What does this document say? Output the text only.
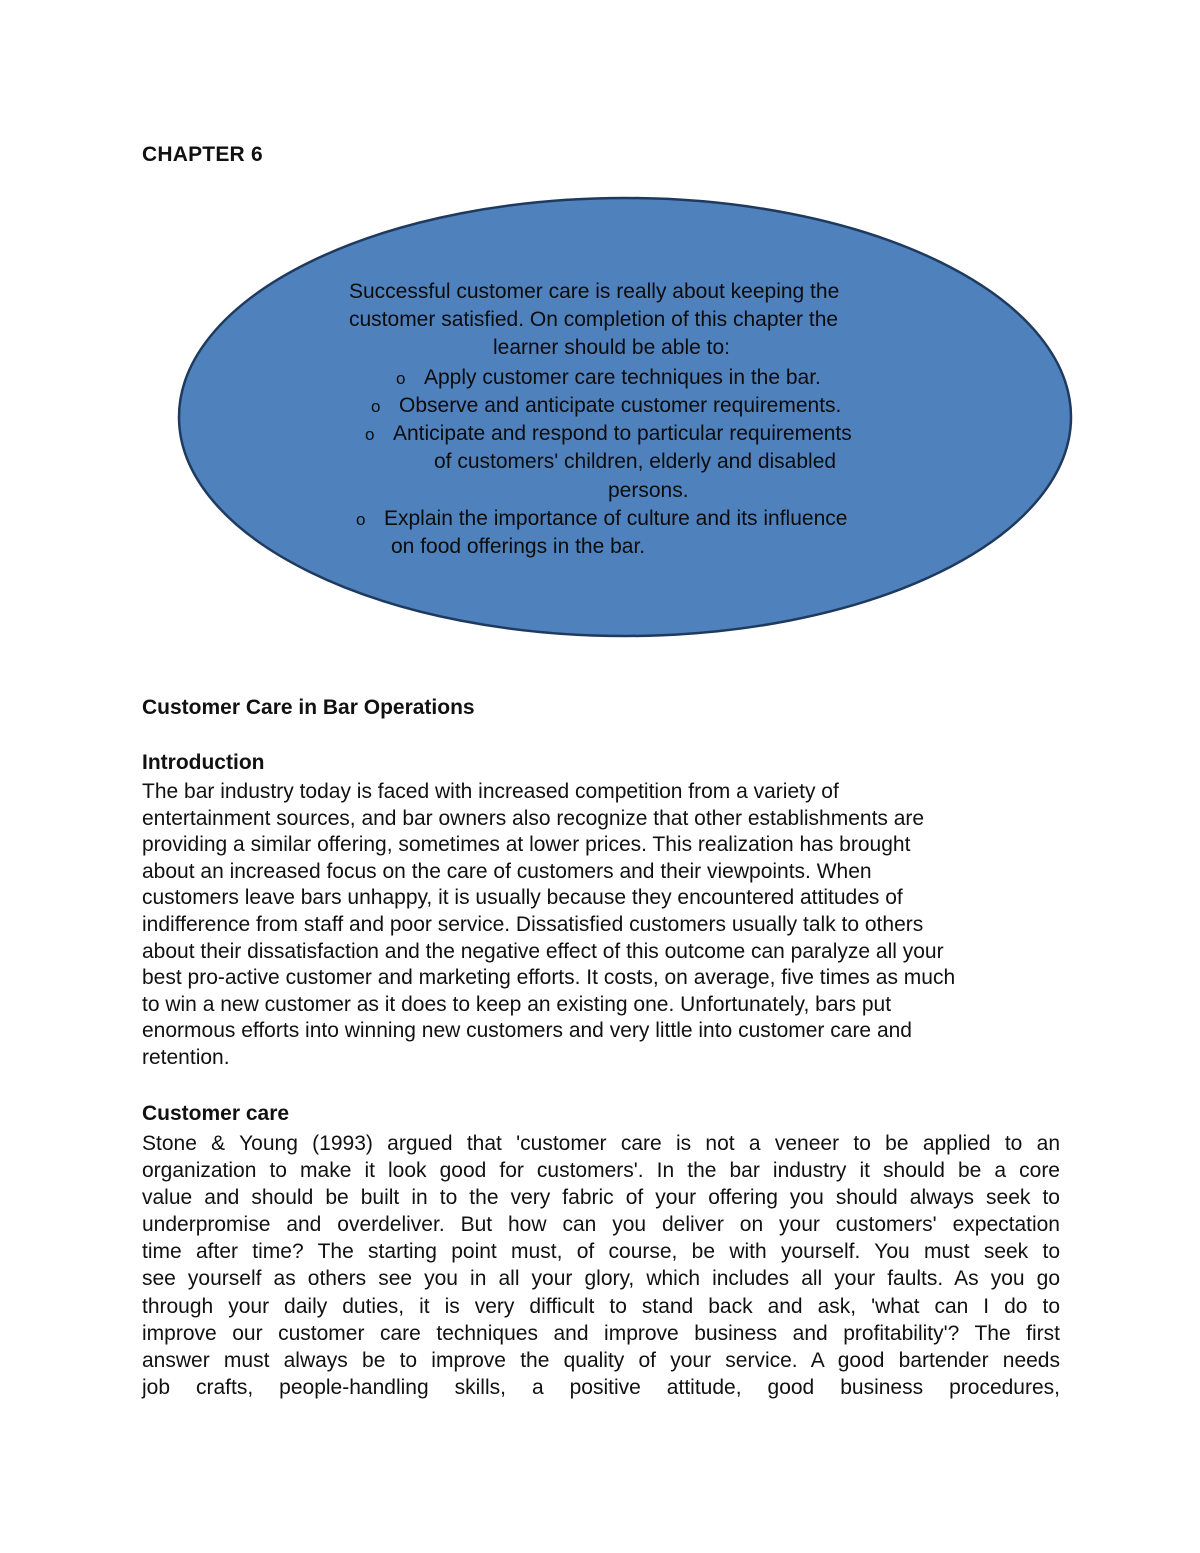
CHAPTER 6
Successful customer care is really about keeping the
customer satisfied. On completion of this chapter the
learner should be able to:
o Apply customer care techniques in the bar.
o Observe and anticipate customer requirements.
o Anticipate and respond to particular requirements
of customers' children, elderly and disabled
persons.
o Explain the importance of culture and its influence
on food offerings in the bar.
Customer Care in Bar Operations
Introduction
The bar industry today is faced with increased competition from a variety of
entertainment sources, and bar owners also recognize that other establishments are
providing a similar offering, sometimes at lower prices. This realization has brought
about an increased focus on the care of customers and their viewpoints. When
customers leave bars unhappy, it is usually because they encountered attitudes of
indifference from staff and poor service. Dissatisfied customers usually talk to others
about their dissatisfaction and the negative effect of this outcome can paralyze all your
best pro-active customer and marketing efforts. It costs, on average, five times as much
to win a new customer as it does to keep an existing one. Unfortunately, bars put
enormous efforts into winning new customers and very little into customer care and
retention.
Customer care
Stone & Young (1993) argued that 'customer care is not a veneer to be applied to an
organization to make it look good for customers'. In the bar industry it should be a core
value and should be built in to the very fabric of your offering you should always seek to
underpromise and overdeliver. But how can you deliver on your customers' expectation
time after time? The starting point must, of course, be with yourself. You must seek to
see yourself as others see you in all your glory, which includes all your faults. As you go
through your daily duties, it is very difficult to stand back and ask, 'what can I do to
improve our customer care techniques and improve business and profitability'? The first
answer must always be to improve the quality of your service. A good bartender needs
job crafts, people-handling skills, a positive attitude, good business procedures,
